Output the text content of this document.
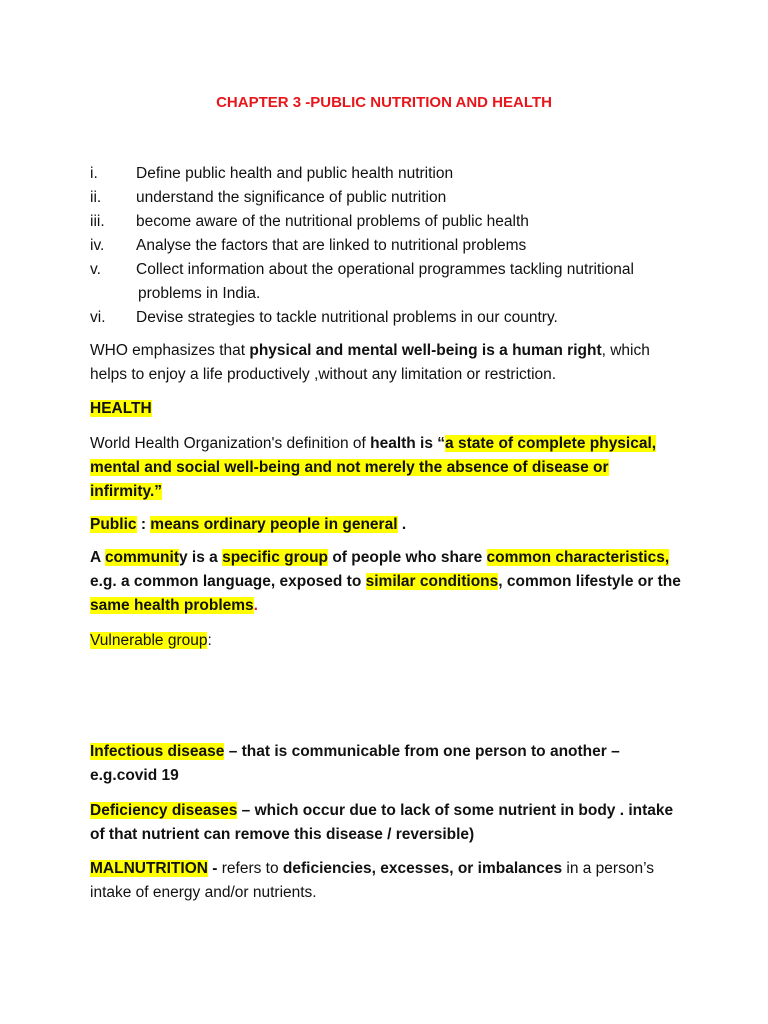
CHAPTER 3 -PUBLIC NUTRITION AND HEALTH
i.	Define public health and public health nutrition
ii.	understand the significance of public nutrition
iii.	become aware of the nutritional problems of public health
iv.	Analyse the factors that are linked to nutritional problems
v.	Collect information about the operational programmes tackling nutritional
problems in India.
vi.	Devise strategies to tackle nutritional problems in our country.
WHO emphasizes that physical and mental well-being is a human right, which
helps to enjoy a life productively ,without any limitation or restriction.
HEALTH
World Health Organization's definition of health is “a state of complete physical,
mental and social well-being and not merely the absence of disease or
infirmity.”
Public : means ordinary people in general .
A community is a specific group of people who share common characteristics,
e.g. a common language, exposed to similar conditions, common lifestyle or the
same health problems.
Vulnerable group:
Infectious disease – that is communicable from one person to another –
e.g.covid 19
Deficiency diseases – which occur due to lack of some nutrient in body . intake
of that nutrient can remove this disease / reversible)
MALNUTRITION - refers to deficiencies, excesses, or imbalances in a person’s
intake of energy and/or nutrients.
